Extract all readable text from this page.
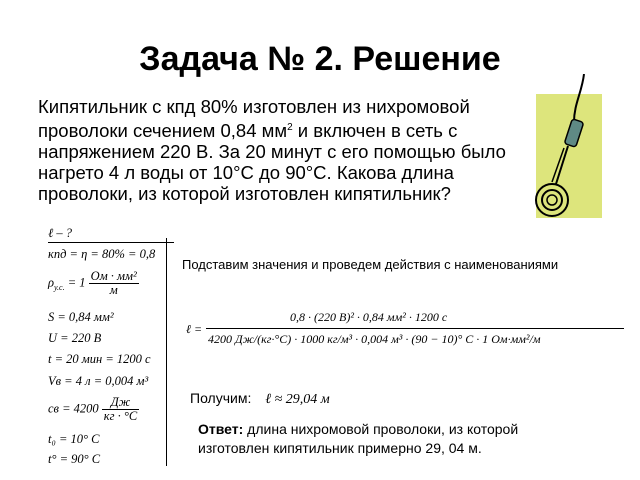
Задача № 2. Решение

Кипятильник с кпд 80% изготовлен из нихромовой проволоки сечением 0,84 $мм^2$ и включен в сеть с напряжением 220 В. За 20 минут с его помощью было нагрето 4 л воды от 10°С до 90°С. Какова длина проволоки, из которой изготовлен кипятильник?

ℓ – ?
кпд = η = 80% = 0,8
$\rho_{у.с.} = 1 \frac{\text{Ом · мм²}}{м}$
S = 0,84 мм²
U = 220 В
t = 20 мин = 1200 с
Vв = 4 л = 0,004 м³
cв = $4200 \frac{Дж}{кг \cdot ^\circ С}$
t₀ = 10° C
t° = 90° C
Подставим значения и проведем действия с наименованиями
ℓ =
0,8 · (220 В)² · 0,84 мм² · 1200 с
4200 Дж/(кг·°С) · 1000 кг/м³ · 0,004 м³ · (90 − 10)° С · 1 Ом·мм²/м
Получим: ℓ ≈ 29,04 м
Ответ: длина нихромовой проволоки, из которой изготовлен кипятильник примерно 29, 04 м.
